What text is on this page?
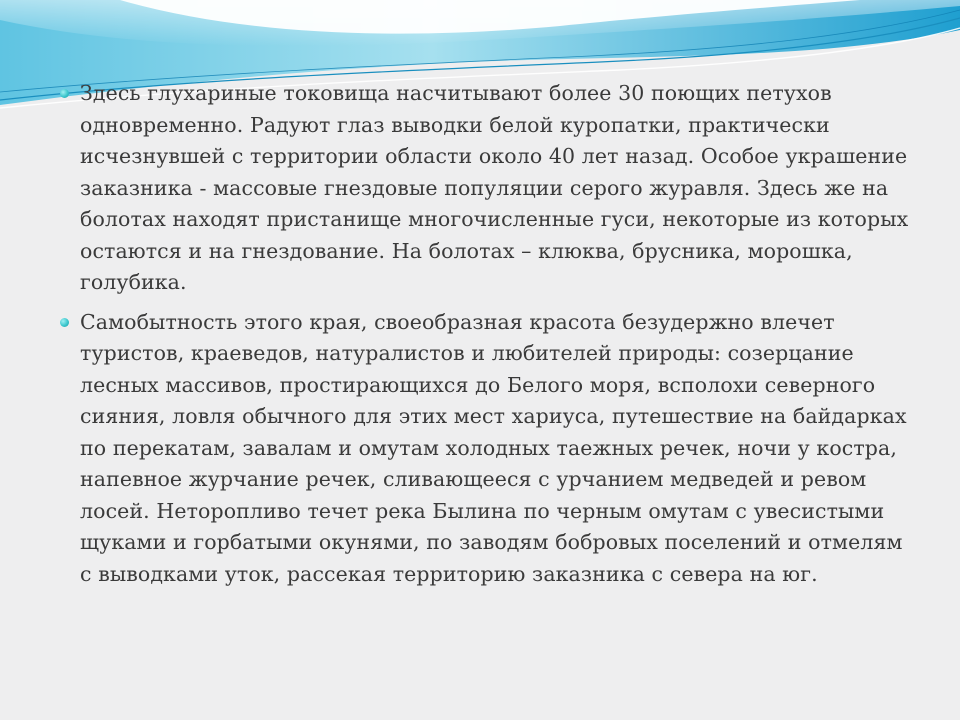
Здесь глухариные токовища насчитывают более 30 поющих петухов одновременно. Радуют глаз выводки белой куропатки, практически исчезнувшей с территории области около 40 лет назад. Особое украшение заказника - массовые гнездовые популяции серого журавля. Здесь же на болотах находят пристанище многочисленные гуси, некоторые из которых остаются и на гнездование. На болотах – клюква, брусника, морошка, голубика.
Самобытность этого края, своеобразная красота безудержно влечет туристов, краеведов, натуралистов и любителей природы: созерцание лесных массивов, простирающихся до Белого моря, всполохи северного сияния, ловля обычного для этих мест хариуса, путешествие на байдарках по перекатам, завалам и омутам холодных таежных речек, ночи у костра, напевное журчание речек, сливающееся с урчанием медведей и ревом лосей. Неторопливо течет река Былина по черным омутам с увесистыми щуками и горбатыми окунями, по заводям бобровых поселений и отмелям с выводками уток, рассекая территорию заказника с севера на юг.
